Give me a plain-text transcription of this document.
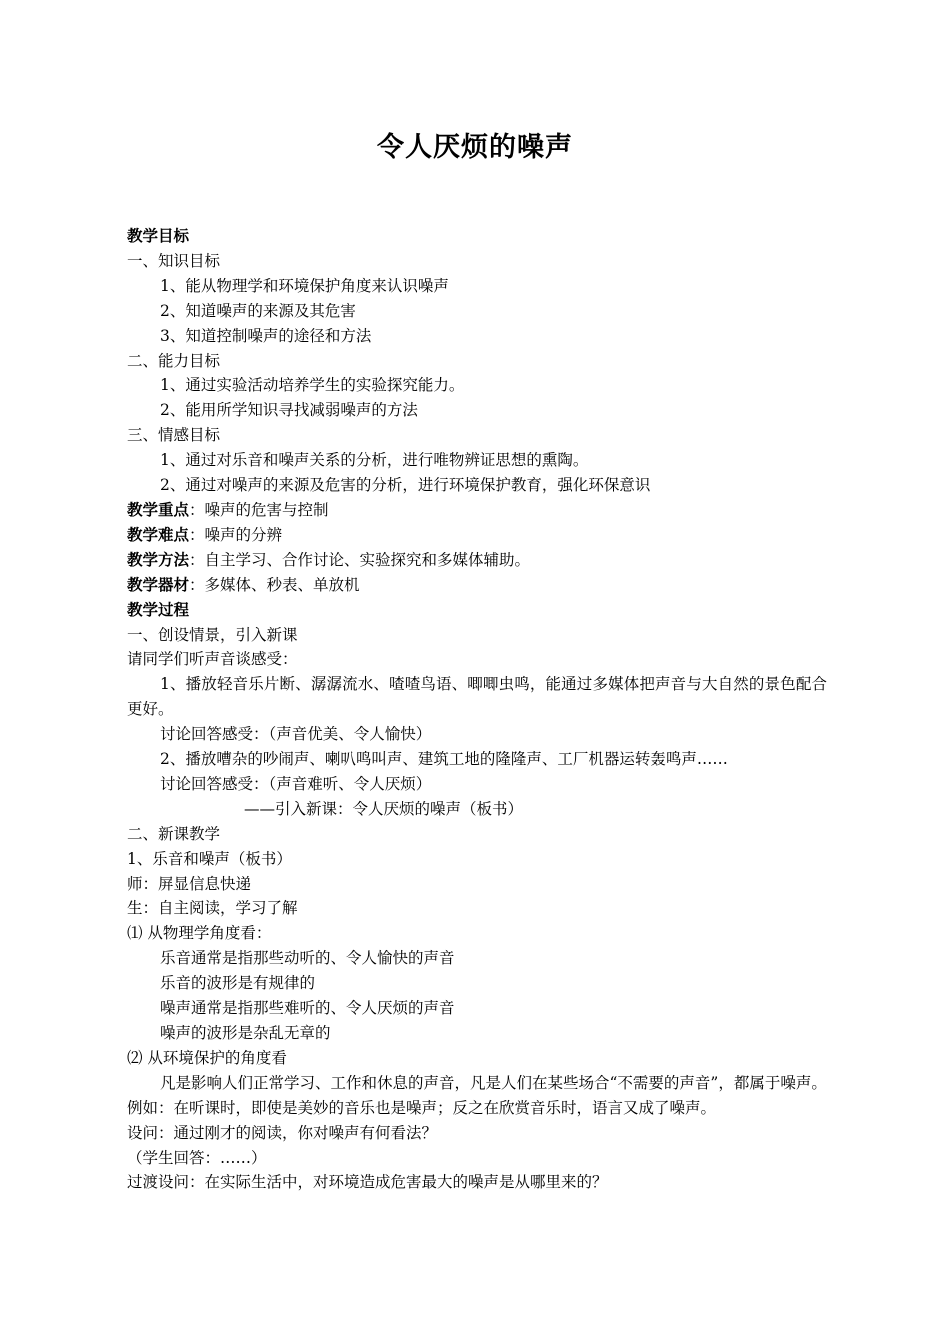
令人厌烦的噪声
教学目标
一、知识目标
1、能从物理学和环境保护角度来认识噪声
2、知道噪声的来源及其危害
3、知道控制噪声的途径和方法
二、能力目标
1、通过实验活动培养学生的实验探究能力。
2、能用所学知识寻找减弱噪声的方法
三、情感目标
1、通过对乐音和噪声关系的分析，进行唯物辨证思想的熏陶。
2、通过对噪声的来源及危害的分析，进行环境保护教育，强化环保意识
教学重点：噪声的危害与控制
教学难点：噪声的分辨
教学方法：自主学习、合作讨论、实验探究和多媒体辅助。
教学器材：多媒体、秒表、单放机
教学过程
一、创设情景，引入新课
请同学们听声音谈感受：
1、播放轻音乐片断、潺潺流水、喳喳鸟语、唧唧虫鸣，能通过多媒体把声音与大自然的景色配合更好。
讨论回答感受：（声音优美、令人愉快）
2、播放嘈杂的吵闹声、喇叭鸣叫声、建筑工地的隆隆声、工厂机器运转轰鸣声……
讨论回答感受：（声音难听、令人厌烦）
——引入新课：令人厌烦的噪声（板书）
二、新课教学
1、乐音和噪声（板书）
师：屏显信息快递
生：自主阅读，学习了解
⑴ 从物理学角度看：
乐音通常是指那些动听的、令人愉快的声音
乐音的波形是有规律的
噪声通常是指那些难听的、令人厌烦的声音
噪声的波形是杂乱无章的
⑵ 从环境保护的角度看
凡是影响人们正常学习、工作和休息的声音，凡是人们在某些场合“不需要的声音”，都属于噪声。
例如：在听课时，即使是美妙的音乐也是噪声；反之在欣赏音乐时，语言又成了噪声。
设问：通过刚才的阅读，你对噪声有何看法？
（学生回答：……）
过渡设问：在实际生活中，对环境造成危害最大的噪声是从哪里来的？
